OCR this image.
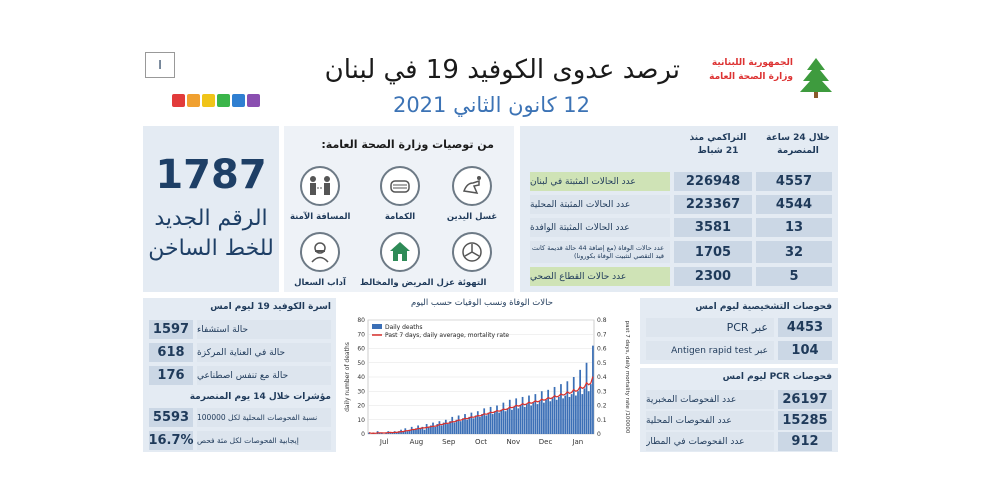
I	ترصد عدوى الكوفيد 19 في لبنان
12 كانون الثاني 2021
الجمهورية اللبنانية
وزارة الصحة العامة
1787
الرقم الجديد
للخط الساخن
من توصيات وزارة الصحة العامة:
غسل اليدين
الكمامة
المسافة الآمنة
التهوئة
عزل المريض والمخالط
آداب السعال
خلال 24 ساعة المنصرمة
التراكمي منذ 21 شباط
عدد الحالات المثبتة في لبنان	226948	4557
عدد الحالات المثبتة المحلية	223367	4544
عدد الحالات المثبتة الوافدة	3581	13
عدد حالات الوفاة (مع إضافة 44 حالة قديمة كانت قيد التقصي لتثبيت الوفاة بكورونا)	1705	32
عدد حالات القطاع الصحي	2300	5
اسرة الكوفيد 19 ليوم امس
1597 حالة استشفاء
618	حالة في العناية المركزة
176	حالة مع تنفس اصطناعي
مؤشرات خلال 14 يوم المنصرمة
5593	نسبة الفحوصات المحلية لكل 100000
16.7% إيجابية الفحوصات لكل مئة فحص
حالات الوفاة ونسب الوفيات حسب اليوم
0
10
20
30
40
50
60
70
80
0
0.1
0.2
0.3
0.4
0.5
0.6
0.7
0.8
Jul	Aug	Sep	Oct	Nov	Dec	Jan
daily number of deaths	past 7 days, daily mortality rate /100000
Daily deaths
Past 7 days, daily average, mortality rate
فحوصات التشخيصية ليوم امس
عبر PCR	4453
عبر Antigen rapid test	104
فحوصات PCR ليوم امس
عدد الفحوصات المخبرية	26197
عدد الفحوصات المحلية	15285
عدد الفحوصات في المطار	912
